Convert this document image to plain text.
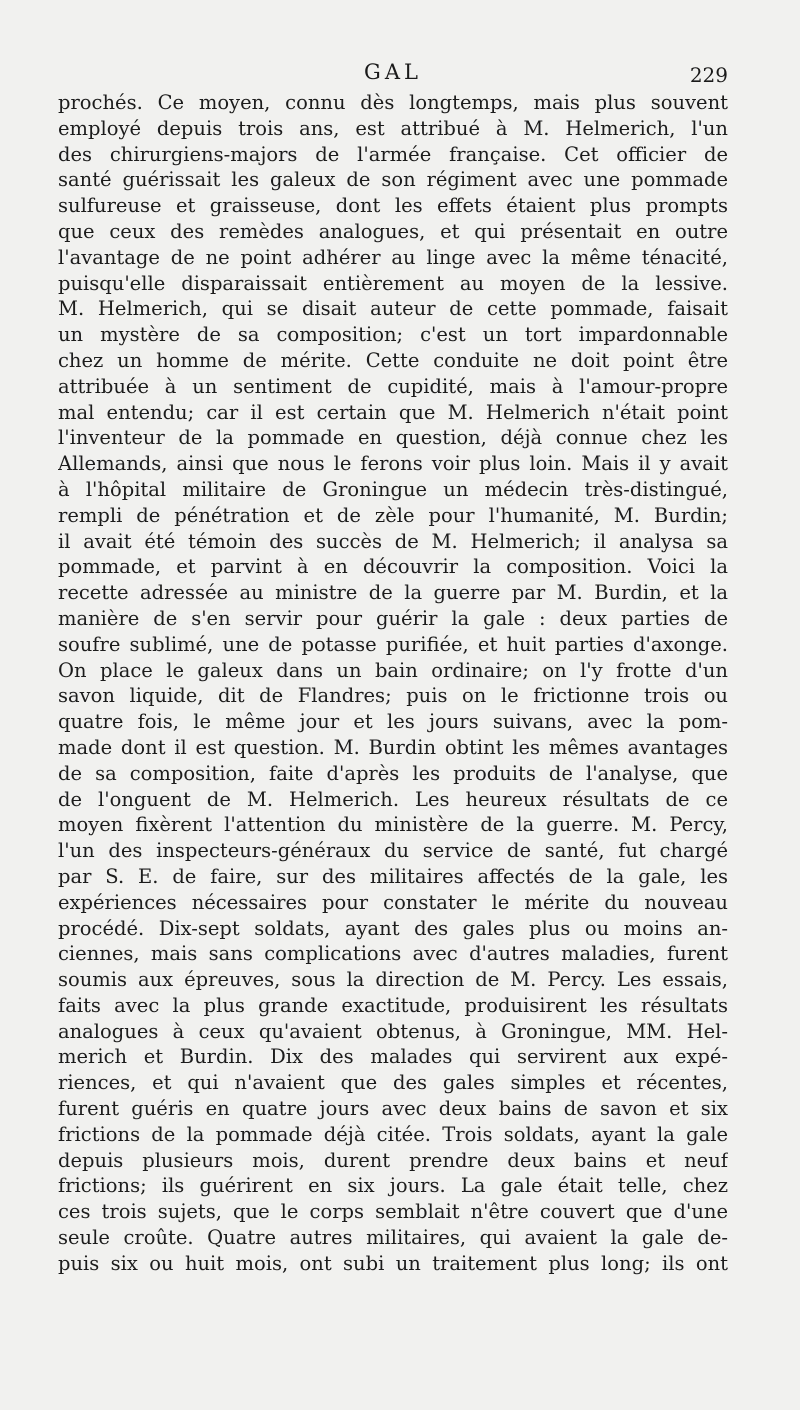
GAL	229
prochés. Ce moyen, connu dès longtemps, mais plus souvent
employé depuis trois ans, est attribué à M. Helmerich, l'un
des chirurgiens-majors de l'armée française. Cet officier de
santé guérissait les galeux de son régiment avec une pommade
sulfureuse et graisseuse, dont les effets étaient plus prompts
que ceux des remèdes analogues, et qui présentait en outre
l'avantage de ne point adhérer au linge avec la même ténacité,
puisqu'elle disparaissait entièrement au moyen de la lessive.
M. Helmerich, qui se disait auteur de cette pommade, faisait
un mystère de sa composition; c'est un tort impardonnable
chez un homme de mérite. Cette conduite ne doit point être
attribuée à un sentiment de cupidité, mais à l'amour-propre
mal entendu; car il est certain que M. Helmerich n'était point
l'inventeur de la pommade en question, déjà connue chez les
Allemands, ainsi que nous le ferons voir plus loin. Mais il y avait
à l'hôpital militaire de Groningue un médecin très-distingué,
rempli de pénétration et de zèle pour l'humanité, M. Burdin;
il avait été témoin des succès de M. Helmerich; il analysa sa
pommade, et parvint à en découvrir la composition. Voici la
recette adressée au ministre de la guerre par M. Burdin, et la
manière de s'en servir pour guérir la gale : deux parties de
soufre sublimé, une de potasse purifiée, et huit parties d'axonge.
On place le galeux dans un bain ordinaire; on l'y frotte d'un
savon liquide, dit de Flandres; puis on le frictionne trois ou
quatre fois, le même jour et les jours suivans, avec la pom-
made dont il est question. M. Burdin obtint les mêmes avantages
de sa composition, faite d'après les produits de l'analyse, que
de l'onguent de M. Helmerich. Les heureux résultats de ce
moyen fixèrent l'attention du ministère de la guerre. M. Percy,
l'un des inspecteurs-généraux du service de santé, fut chargé
par S. E. de faire, sur des militaires affectés de la gale, les
expériences nécessaires pour constater le mérite du nouveau
procédé. Dix-sept soldats, ayant des gales plus ou moins an-
ciennes, mais sans complications avec d'autres maladies, furent
soumis aux épreuves, sous la direction de M. Percy. Les essais,
faits avec la plus grande exactitude, produisirent les résultats
analogues à ceux qu'avaient obtenus, à Groningue, MM. Hel-
merich et Burdin. Dix des malades qui servirent aux expé-
riences, et qui n'avaient que des gales simples et récentes,
furent guéris en quatre jours avec deux bains de savon et six
frictions de la pommade déjà citée. Trois soldats, ayant la gale
depuis plusieurs mois, durent prendre deux bains et neuf
frictions; ils guérirent en six jours. La gale était telle, chez
ces trois sujets, que le corps semblait n'être couvert que d'une
seule croûte. Quatre autres militaires, qui avaient la gale de-
puis six ou huit mois, ont subi un traitement plus long; ils ont
